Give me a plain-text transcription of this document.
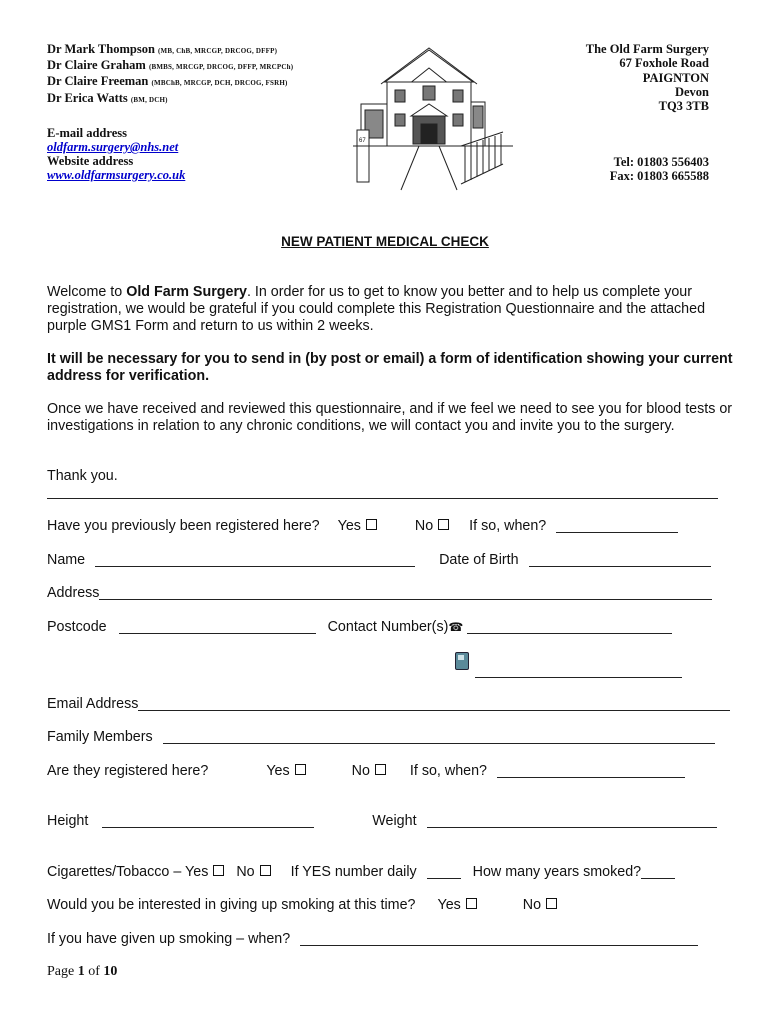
Dr Mark Thompson (MB, ChB, MRCGP, DRCOG, DFFP)
Dr Claire Graham (BMBS, MRCGP, DRCOG, DFFP, MRCPCh)
Dr Claire Freeman (MBChB, MRCGP, DCH, DRCOG, FSRH)
Dr Erica Watts (BM, DCH)
E-mail address
oldfarm.surgery@nhs.net
Website address
www.oldfarmsurgery.co.uk
67
The Old Farm Surgery
67 Foxhole Road
PAIGNTON
Devon
TQ3 3TB
Tel: 01803 556403
Fax: 01803 665588
NEW PATIENT MEDICAL CHECK
Welcome to Old Farm Surgery. In order for us to get to know you better and to help us complete your registration, we would be grateful if you could complete this Registration Questionnaire and the attached purple GMS1 Form and return to us within 2 weeks.
It will be necessary for you to send in (by post or email) a form of identification showing your current address for verification.
Once we have received and reviewed this questionnaire, and if we feel we need to see you for blood tests or investigations in relation to any chronic conditions, we will contact you and invite you to the surgery.
Thank you.
Have you previously been registered here? Yes	No	If so, when?
Name	Date of Birth
Address
Postcode	Contact Number(s)☎
Email Address
Family Members
Are they registered here?	Yes	No	If so, when?
Height	Weight
Cigarettes/Tobacco – Yes No	If YES number daily	How many years smoked?
Would you be interested in giving up smoking at this time? Yes	No
If you have given up smoking – when?
Page 1 of 10
